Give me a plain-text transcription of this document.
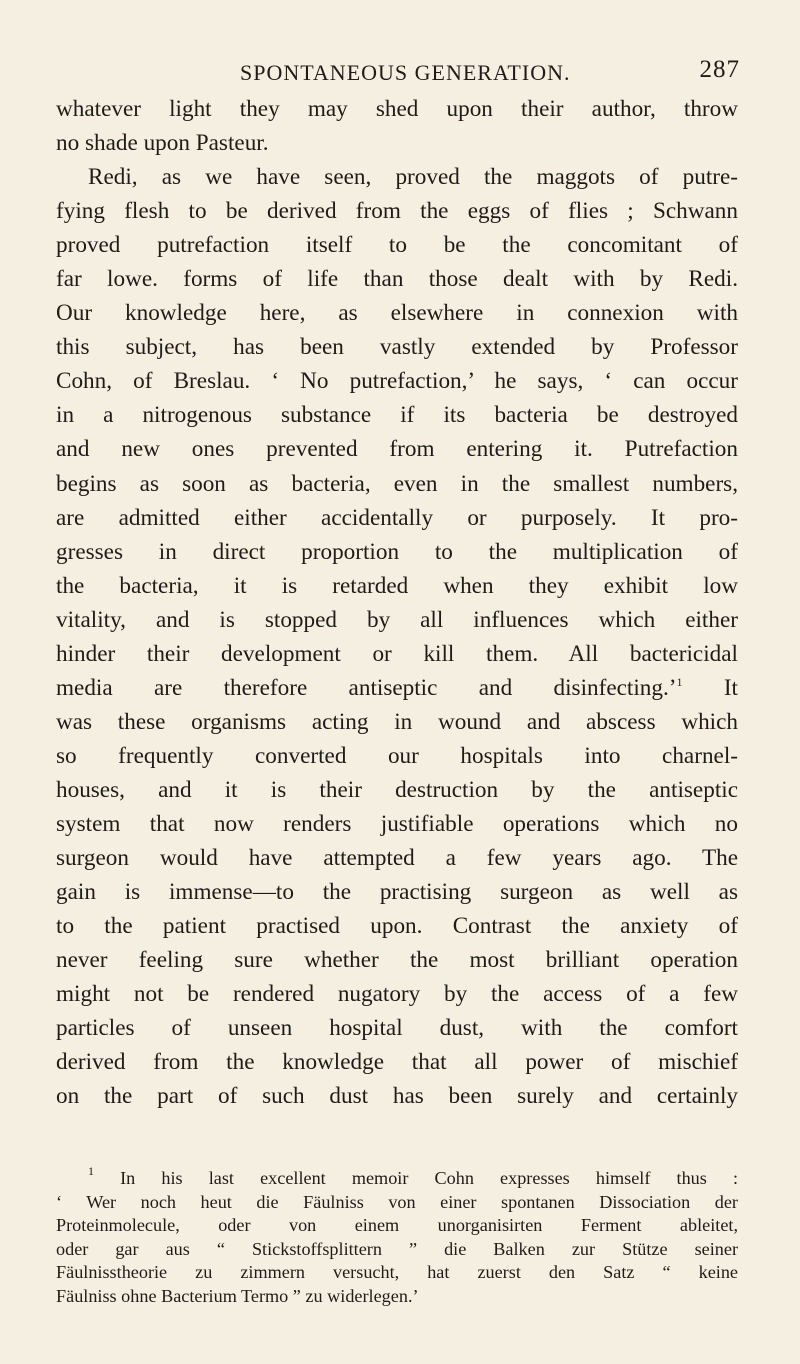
SPONTANEOUS GENERATION.	287
whatever light they may shed upon their author, throw
no shade upon Pasteur.
Redi, as we have seen, proved the maggots of putre-
fying flesh to be derived from the eggs of flies ; Schwann
proved putrefaction itself to be the concomitant of
far lowe. forms of life than those dealt with by Redi.
Our knowledge here, as elsewhere in connexion with
this subject, has been vastly extended by Professor
Cohn, of Breslau. ‘ No putrefaction,’ he says, ‘ can occur
in a nitrogenous substance if its bacteria be destroyed
and new ones prevented from entering it. Putrefaction
begins as soon as bacteria, even in the smallest numbers,
are admitted either accidentally or purposely. It pro-
gresses in direct proportion to the multiplication of
the bacteria, it is retarded when they exhibit low
vitality, and is stopped by all influences which either
hinder their development or kill them. All bactericidal
media are therefore antiseptic and disinfecting.’$^1$ It
was these organisms acting in wound and abscess which
so frequently converted our hospitals into charnel-
houses, and it is their destruction by the antiseptic
system that now renders justifiable operations which no
surgeon would have attempted a few years ago. The
gain is immense—to the practising surgeon as well as
to the patient practised upon. Contrast the anxiety of
never feeling sure whether the most brilliant operation
might not be rendered nugatory by the access of a few
particles of unseen hospital dust, with the comfort
derived from the knowledge that all power of mischief
on the part of such dust has been surely and certainly
$^1$ In his last excellent memoir Cohn expresses himself thus :
‘ Wer noch heut die Fäulniss von einer spontanen Dissociation der
Proteinmolecule, oder von einem unorganisirten Ferment ableitet,
oder gar aus “ Stickstoffsplittern ” die Balken zur Stütze seiner
Fäulnisstheorie zu zimmern versucht, hat zuerst den Satz “ keine
Fäulniss ohne Bacterium Termo ” zu widerlegen.’
